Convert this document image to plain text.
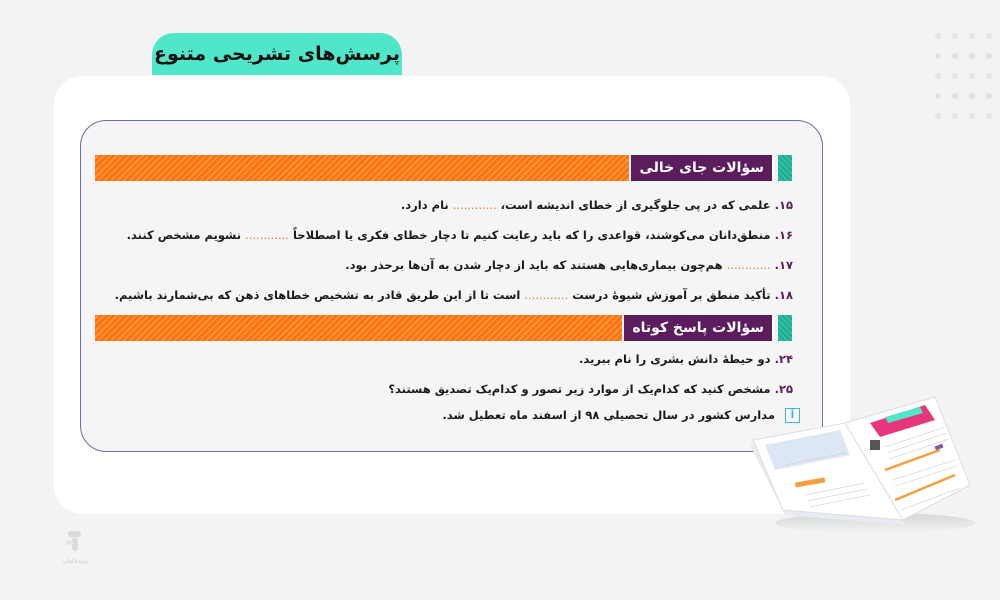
پرسش‌های تشریحی متنوع
سؤالات جای خالی
۱۵. علمی که در پی جلوگیری از خطای اندیشه است، ............ نام دارد.
۱۶. منطق‌دانان می‌کوشند، قواعدی را که باید رعایت کنیم تا دچار خطای فکری یا اصطلاحاً ............ نشویم مشخص کنند.
۱۷. ............ هم‌چون بیماری‌هایی هستند که باید از دچار شدن به آن‌ها برحذر بود.
۱۸. تأکید منطق بر آموزش شیوهٔ درست ............ است تا از این طریق قادر به تشخیص خطاهای ذهن که بی‌شمارند باشیم.
سؤالات پاسخ کوتاه
۲۴. دو حیطهٔ دانش بشری را نام ببرید.
۲۵. مشخص کنید که کدام‌یک از موارد زیر تصور و کدام‌یک تصدیق هستند؟
آ مدارس کشور در سال تحصیلی ۹۸ از اسفند ماه تعطیل شد.
پاینده‌کتاب
